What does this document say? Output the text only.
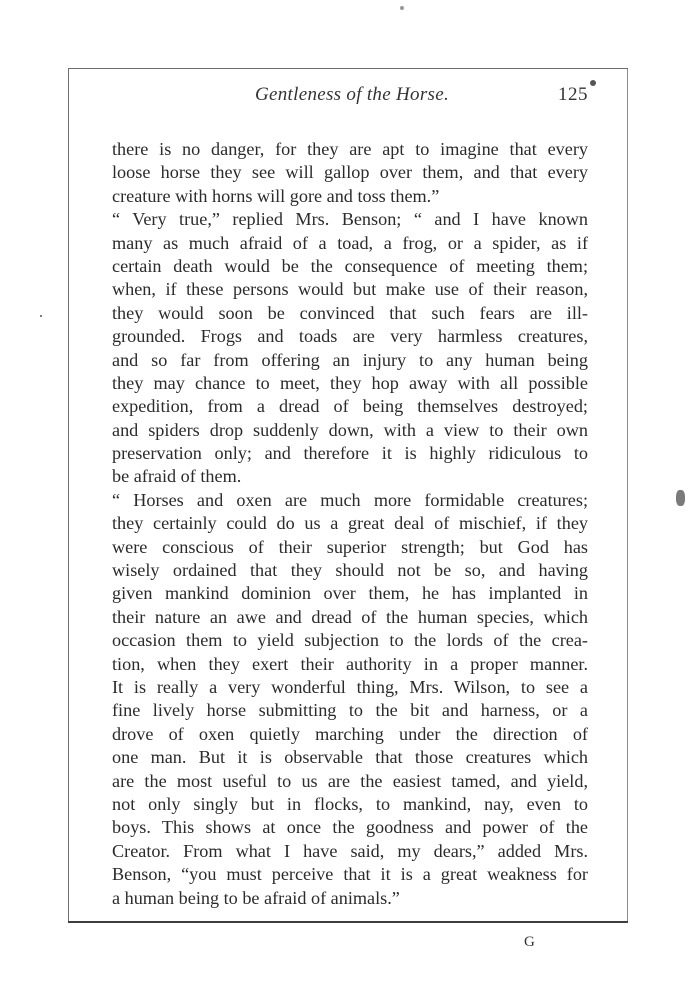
Gentleness of the Horse.	125
there is no danger, for they are apt to imagine that every
loose horse they see will gallop over them, and that every
creature with horns will gore and toss them.”
“ Very true,” replied Mrs. Benson; “ and I have known
many as much afraid of a toad, a frog, or a spider, as if
certain death would be the consequence of meeting them;
when, if these persons would but make use of their reason,
they would soon be convinced that such fears are ill-
grounded. Frogs and toads are very harmless creatures,
and so far from offering an injury to any human being
they may chance to meet, they hop away with all possible
expedition, from a dread of being themselves destroyed;
and spiders drop suddenly down, with a view to their own
preservation only; and therefore it is highly ridiculous to
be afraid of them.
“ Horses and oxen are much more formidable creatures;
they certainly could do us a great deal of mischief, if they
were conscious of their superior strength; but God has
wisely ordained that they should not be so, and having
given mankind dominion over them, he has implanted in
their nature an awe and dread of the human species, which
occasion them to yield subjection to the lords of the crea-
tion, when they exert their authority in a proper manner.
It is really a very wonderful thing, Mrs. Wilson, to see a
fine lively horse submitting to the bit and harness, or a
drove of oxen quietly marching under the direction of
one man. But it is observable that those creatures which
are the most useful to us are the easiest tamed, and yield,
not only singly but in flocks, to mankind, nay, even to
boys. This shows at once the goodness and power of the
Creator. From what I have said, my dears,” added Mrs.
Benson, “you must perceive that it is a great weakness for
a human being to be afraid of animals.”
G
